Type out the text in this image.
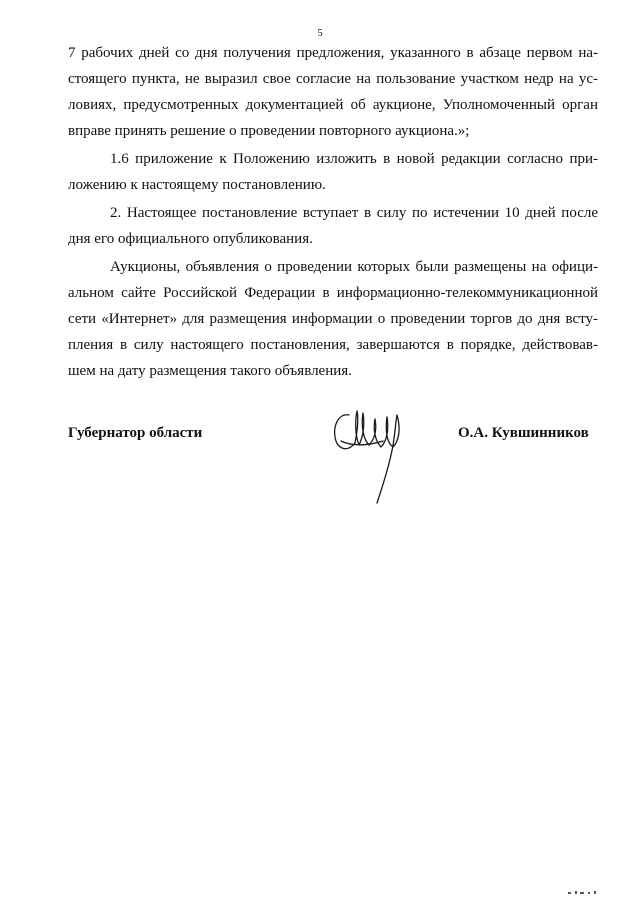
5
7 рабочих дней со дня получения предложения, указанного в абзаце первом на-
стоящего пункта, не выразил свое согласие на пользование участком недр на ус-
ловиях, предусмотренных документацией об аукционе, Уполномоченный орган
вправе принять решение о проведении повторного аукциона.»;
1.6 приложение к Положению изложить в новой редакции согласно при-
ложению к настоящему постановлению.
2. Настоящее постановление вступает в силу по истечении 10 дней после
дня его официального опубликования.
Аукционы, объявления о проведении которых были размещены на офици-
альном сайте Российской Федерации в информационно-телекоммуникационной
сети «Интернет» для размещения информации о проведении торгов до дня всту-
пления в силу настоящего постановления, завершаются в порядке, действовав-
шем на дату размещения такого объявления.
Губернатор области	О.А. Кувшинников
